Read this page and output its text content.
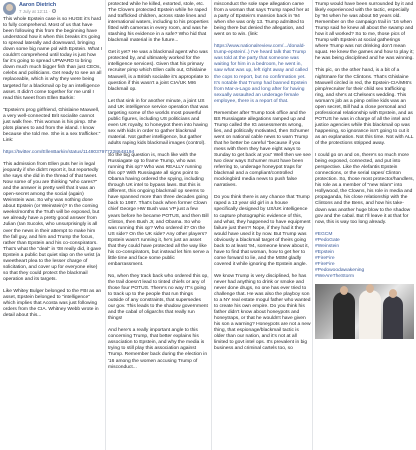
Aaron Dietrich
7 July at 12:11 ·

This whole Epstein case is so HUGE it's hard to fully comprehend. Most of us that have been following this from the beginning have understood how it when this breaks it's going to spread laterally and downward, bringing down some big name pol with Epstein. What I couldn't comprehend until today is just how far it's going to spread UPWARD to bring down much much bigger fish than just CEOs, celebs and politicians. Get ready to see an all replaceable, which is why they were being targeted for a blackmail op by an intelligence asset. It didn't come together for me until I read this tweet from Ellen Barkin:

"Epstein's prog girlfriend, Ghislaine Maxwell, a very well-connected Brit socialite cannot just walk free. This woman is his pimp. She plots planes to and from the island. I know because she told me. She is a sex trafficker." Link:

https://twitter.com/EllenBarkin/status/1148037977228648194

This admission from Ellen puts her in legal jeopardy if she didn't report it, but reportedly she says she did in the thread of that tweet. Now some of you are thinking "who cares?" and the answer is pretty well that it was an open-secret among the social (again) Weinstein was. So why was nothing done about Epstein (or Weinstein)? In the coming weeks/months the Truth will be exposed, but we already have a pretty good answer from Julian (Ian Sucoks, who unsurprisingly is all over the news in their attempt to make him the fall guy, and him and Trump the focus, rather than Epstein and his co-conspirators. That's what the "deal" in '08 really did, it gave Epstein a public but quiet slap on the wrist (a sweetheart plea to the lesser charge of solicitation, and cover up for everyone else) so that they could protect the blackmail operation and its targets.

Like Whitey Bulger belonged to the FBI as an asset, Epstein belonged to "intelligence" which implies that Acosta was just following orders from the CIA. Whitney Webb wrote in detail about this...

protected while he killed, extorted, stole, etc. The Clovers protected Epstein while he raped and trafficked children, across state lines and international waters, including to his properties fitted with cameras in every room, and was he stashing his evidence in a safe? Who hid that blackmail material in the future...

Get it yet? He was a blackmail agent who was protected by, and ultimately worked for the intelligence services). Given that his primary recruiter pimp which Ellen calls out, Ghislaine Maxwell, is a British socialite it's appropriate to question if this wasn't a joint CIA/UK MI6 blackmail op.

Let that sink in for another minute, a joint US and UK intelligence service operation that was targeting some of the worlds most powerful public figures, including US politicians and even UK royalty, to honeypot them into having sex with kids in order to gather blackmail material. Not gather intelligence, but gather adults raping kids blackmail images (control).

So the big question is, much like with the Russiagate op to frame Trump, who was running this op? Who was REALLY running this op? With Russiagate all signs point to Obama having ordered the spying, including through UK intel to bypass laws. But this is different, this ongoing blackmail op seems to have spanned more than three decades going back to 1987. That's back when former Clown chief George HW Bush was VP just a few years before he became POTUS, and then Bill Clinton, then Bush Jr, and Obama. So who was running this op? Who ordered it? On the US side? On the UK side? Any other players? Epstein wasn't running it, he's just an asset that they could have protected all the way like his co-conspirators, but instead let him serve a little time and face some public embarrassment.

No, when they track back who ordered this op, the trail doesn't lead to tinted chiefs or any of those four POTUS. There's no way IT's going to track up to the people that run things outside of any constraints, that supersedes our gov. This leads to the shadow government and the cabal of oligarchs that really run things!

And here's a really important angle to this concerning Trump, that better explains his association to Epstein, and why the media is trying to still play this association against Trump. Remember back during the election in '16 among the women accusing Trump of misconduct...

misconduct the sole rape allegation came from a woman that says Trump raped her at a party of Epstein's mansion back in '94 when she was only 13. Trump admitted to being there but denied the allegation, and went on to win. (link:

https://www.nationalreview.com/.../donald-trump-epstein/..) I've heard talk that Trump was told at the party that someone was waiting for him in a bedroom, he went in, saw what was up, left right away and called the cops to report, but no confirmation yet. It's notable that Trump had banned Epstein from Mar-a-Lago and long after for having sexually assaulted an underage female employee, there is a report of that.

Remember after Trump took office and the BS Russiagate allegations ramped up and Trump called the IG assessments wrong, lies, and politically motivated, then Schumer went on national cable news to warn Trump that he better be careful "because if you mess with them they have eight ways to Sunday to get back at you" Well then we see two clear ways Schumer must have been referring to, underage honeypot traps for blackmail and a compliant/controlled mockingbird media news to push false narratives.

Do you think there is any chance that Trump raped a 13 year old girl in a house specifically designed by US/UK intelligence to capture photographic evidence of this, and what, they happened to have equipment failure just then?! Nope, if they had it they would have used it by now. But Trump was obviously a blackmail target of theirs going back to at least '94, someone knew about it, have to find that woman, how to get her to come forward to lie, and the MSM gladly covered it while ignoring the Epstein angle.

We know Trump is very disciplined, he has never had anything to drink or smoke and never done drugs, no one has ever tried to challenge that. He was also the playboy son to a NY real estate mogul father who wanted to create his own empire. Do you think his father didn't know about honeypots and honeytraps, or that he wouldn't have given his son a warning? Honeypots are not a new thing, that espionage/blackmail tactic is older than our nation, and it's not at all limited to govt intel ops. It's prevalent in big business and criminal cartels too, so

Trump would have been surrounded by it and likely experienced with the tactic, especially by '94 when he was about 50 years old. Remember on the campaign trail in '16 when Trump said he knew all about the swamp and how it all worked? So to me, those pics of Trump with Epstein at social gatherings where Trump was not drinking don't mean squat. He knew the games and how to play it; he was being disciplined and he was winning.

This pic, on the other hand, is a bit of a nightmare for the Clintons. That's Ghislaine Maxwell circled in red, the Epstein-CIA/MI6's pimp/recruiter for their child sex trafficking ring, and she's at Chelsea's wedding. This woman's job as a pimp online kids was an open secret, Bill had a close personal and professional relationship with Epstein, and as POTUS he was in charge of all the intel and justice agencies while this blackmail op was happening, so ignorance isn't going to cut it as an explanation. Not this time. Not with ALL of the protections stripped away.

I could go on and on, there's so much more being exposed, connected, and put into perspective. Like the Alefantis Epstein connections, or the serial rapes/ Clinton protection. So, those most protector/handlers, his role as a member of "new Islam" into Hollywood, the Clowns, his role in media and propaganda, his close relationship with the Clintons and the Bens, and how his take-down was another huge blow to the shadow gov and the cabal. But I'll leave it at that for now, this is way too long already.

#EGCM
#PedoGate
#Weinstein
#Epstein
#FireFire
#FireFire
#Pedowoodawakening
#WeAreTheStorm
